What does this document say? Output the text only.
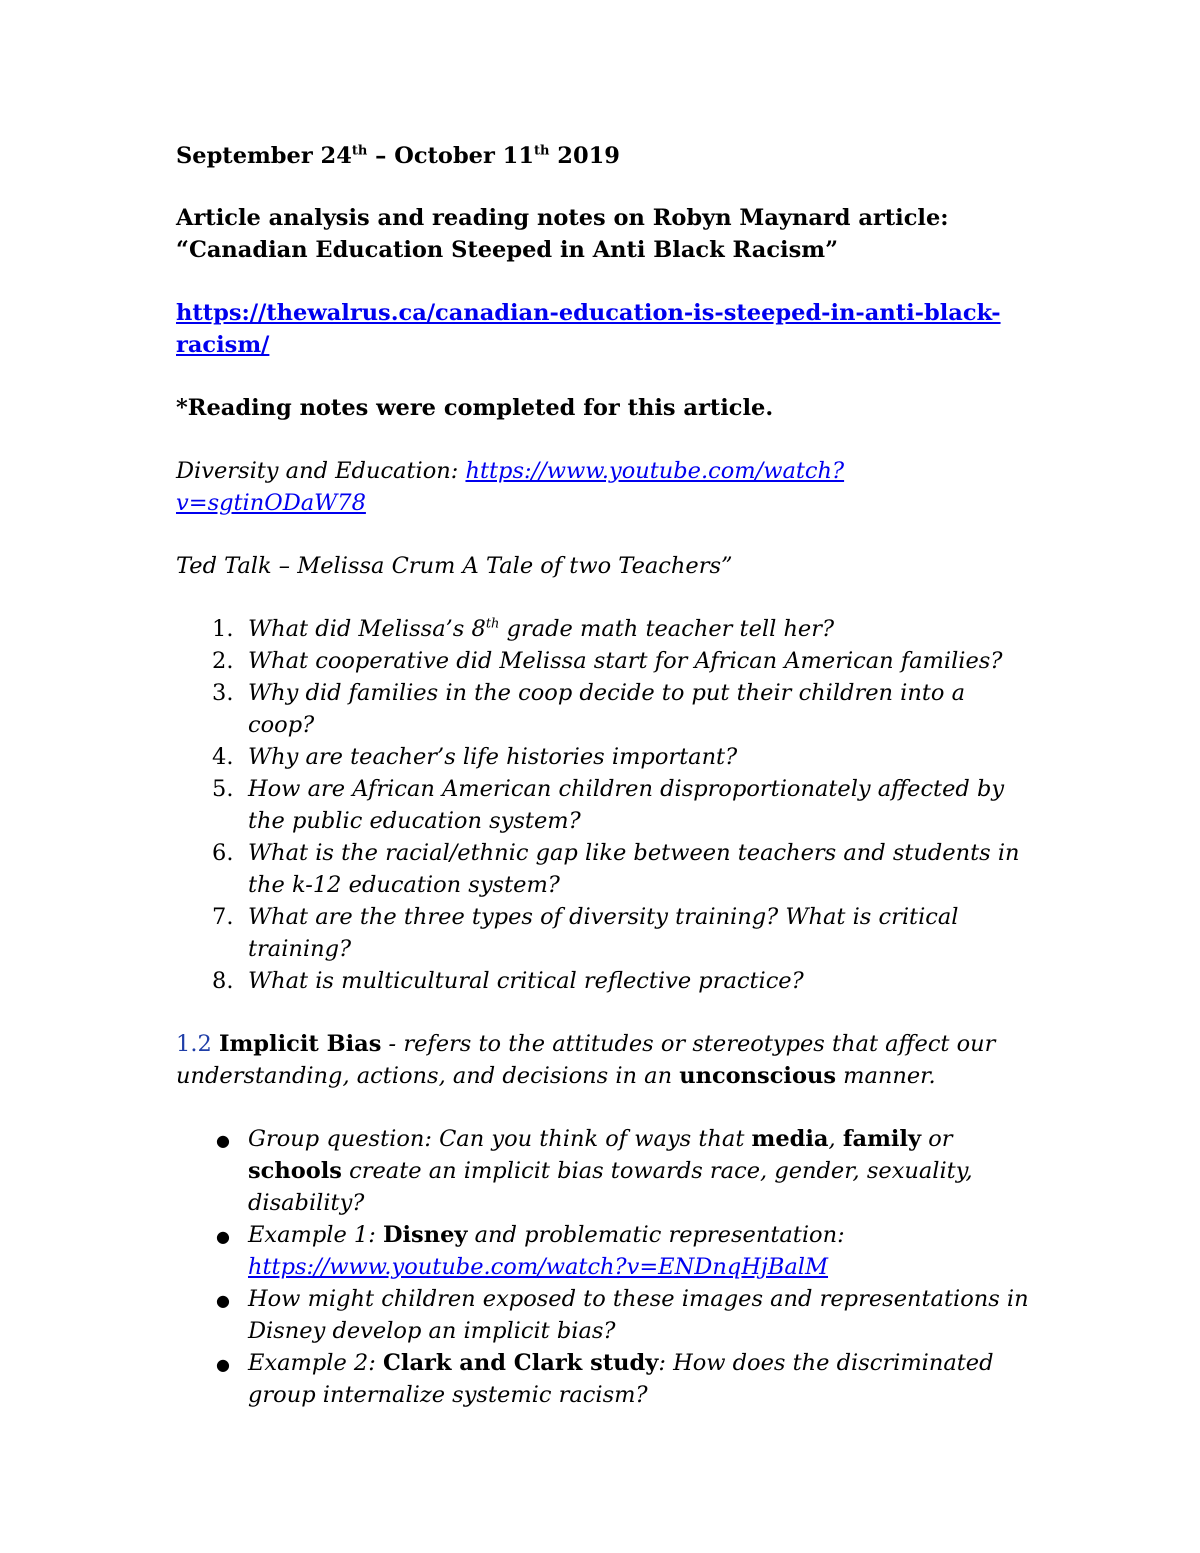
September 24th – October 11th 2019

Article analysis and reading notes on Robyn Maynard article:

“Canadian Education Steeped in Anti Black Racism”

https://thewalrus.ca/canadian-education-is-steeped-in-anti-black-
racism/

*Reading notes were completed for this article.

Diversity and Education: https://www.youtube.com/watch?
v=sgtinODaW78

Ted Talk – Melissa Crum A Tale of two Teachers”

1 . What did Melissa’s 8th grade math teacher tell her?
2 . What cooperative did Melissa start for African American families?
3 . Why did families in the coop decide to put their children into a coop?
4 . Why are teacher’s life histories important?
5 . How are African American children disproportionately affected by
the public education system?
6 . What is the racial/ethnic gap like between teachers and students in
the k-12 education system?
7 . What are the three types of diversity training? What is critical
training?
8 . What is multicultural critical reflective practice?

1.2 Implicit Bias - refers to the attitudes or stereotypes that affect our
understanding, actions, and decisions in an unconscious manner.

●
Group question: Can you think of ways that media, family or
schools create an implicit bias towards race, gender, sexuality,
disability?
●
Example 1: Disney and problematic representation:
https://www.youtube.com/watch?v=ENDnqHjBalM
●
How might children exposed to these images and representations in
Disney develop an implicit bias?
●
Example 2: Clark and Clark study: How does the discriminated
group internalize systemic racism?
